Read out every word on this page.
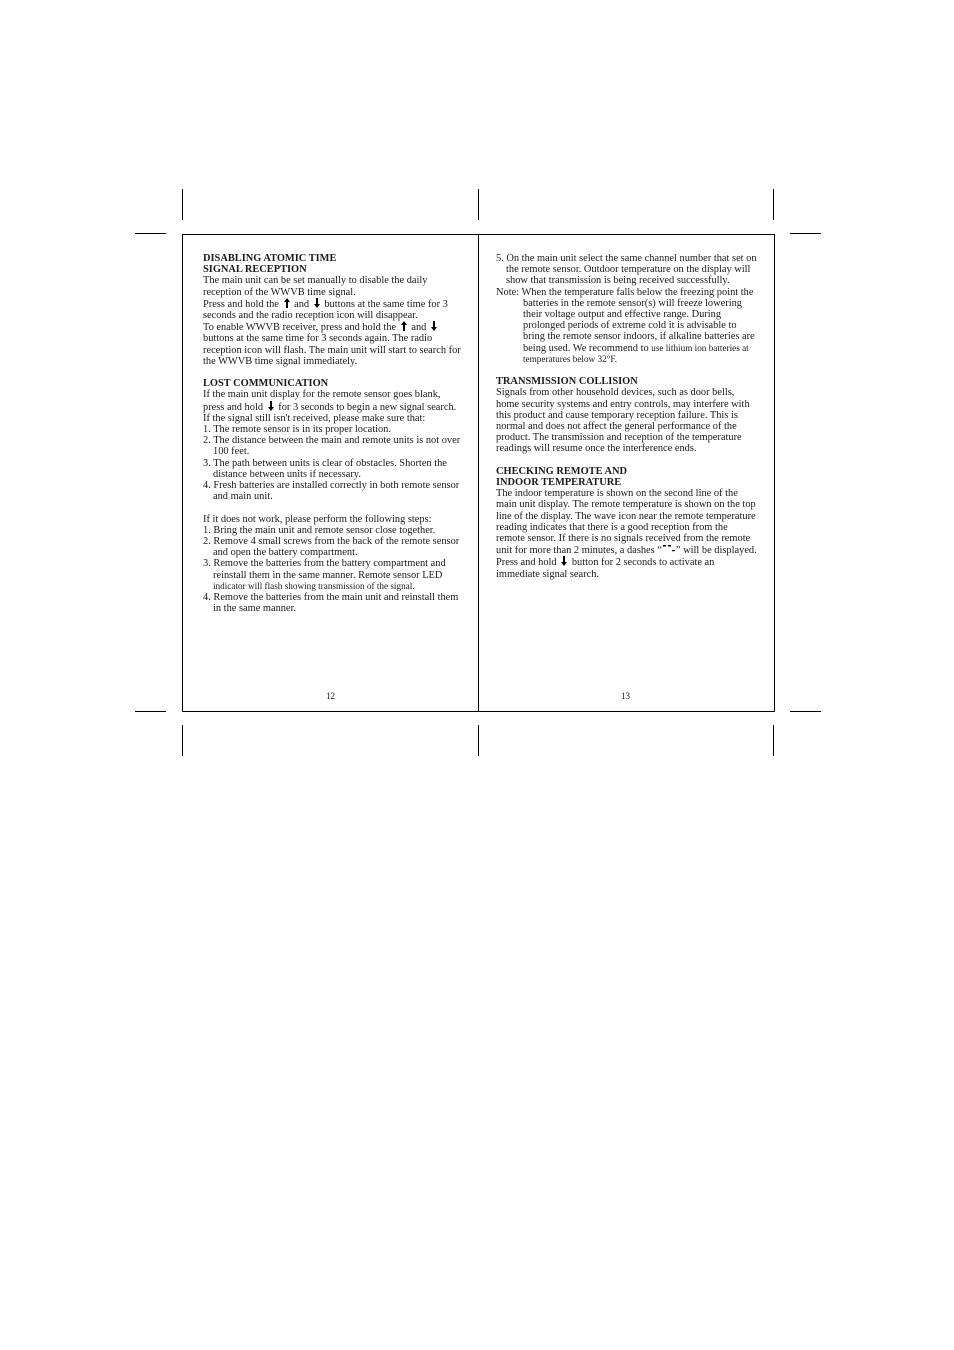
DISABLING ATOMIC TIME
SIGNAL RECEPTION

The main unit can be set manually to disable the daily reception of the WWVB time signal.

Press and hold the and buttons at the same time for 3 seconds and the radio reception icon will disappear.

To enable WWVB receiver, press and hold the and  buttons at the same time for 3 seconds again. The radio reception icon will flash. The main unit will start to search for the WWVB time signal immediately.

LOST COMMUNICATION

If the main unit display for the remote sensor goes blank, press and hold for 3 seconds to begin a new signal search. If the signal still isn't received, please make sure that:

1. The remote sensor is in its proper location.

2. The distance between the main and remote units is not over 100 feet.

3. The path between units is clear of obstacles. Shorten the distance between units if necessary.

4. Fresh batteries are installed correctly in both remote sensor and main unit.

If it does not work, please perform the following steps:

1. Bring the main unit and remote sensor close together.

2. Remove 4 small screws from the back of the remote sensor and open the battery compartment.

3. Remove the batteries from the battery compartment and reinstall them in the same manner. Remote sensor LED indicator will flash showing transmission of the signal.

4. Remove the batteries from the main unit and reinstall them in the same manner.

12

5. On the main unit select the same channel number that set on the remote sensor. Outdoor temperature on the display will show that transmission is being received successfully.

Note: When the temperature falls below the freezing point the batteries in the remote sensor(s) will freeze lowering their voltage output and effective range. During prolonged periods of extreme cold it is advisable to bring the remote sensor indoors, if alkaline batteries are being used. We recommend to use lithium ion batteries at temperatures below 32°F.

TRANSMISSION COLLISION

Signals from other household devices, such as door bells, home security systems and entry controls, may interfere with this product and cause temporary reception failure. This is normal and does not affect the general performance of the product. The transmission and reception of the temperature readings will resume once the interference ends.

CHECKING REMOTE AND
INDOOR TEMPERATURE

The indoor temperature is shown on the second line of the main unit display. The remote temperature is shown on the top line of the display. The wave icon near the remote temperature reading indicates that there is a good reception from the remote sensor. If there is no signals received from the remote unit for more than 2 minutes, a dashes “ ” will be displayed.

Press and hold button for 2 seconds to activate an immediate signal search.

13
